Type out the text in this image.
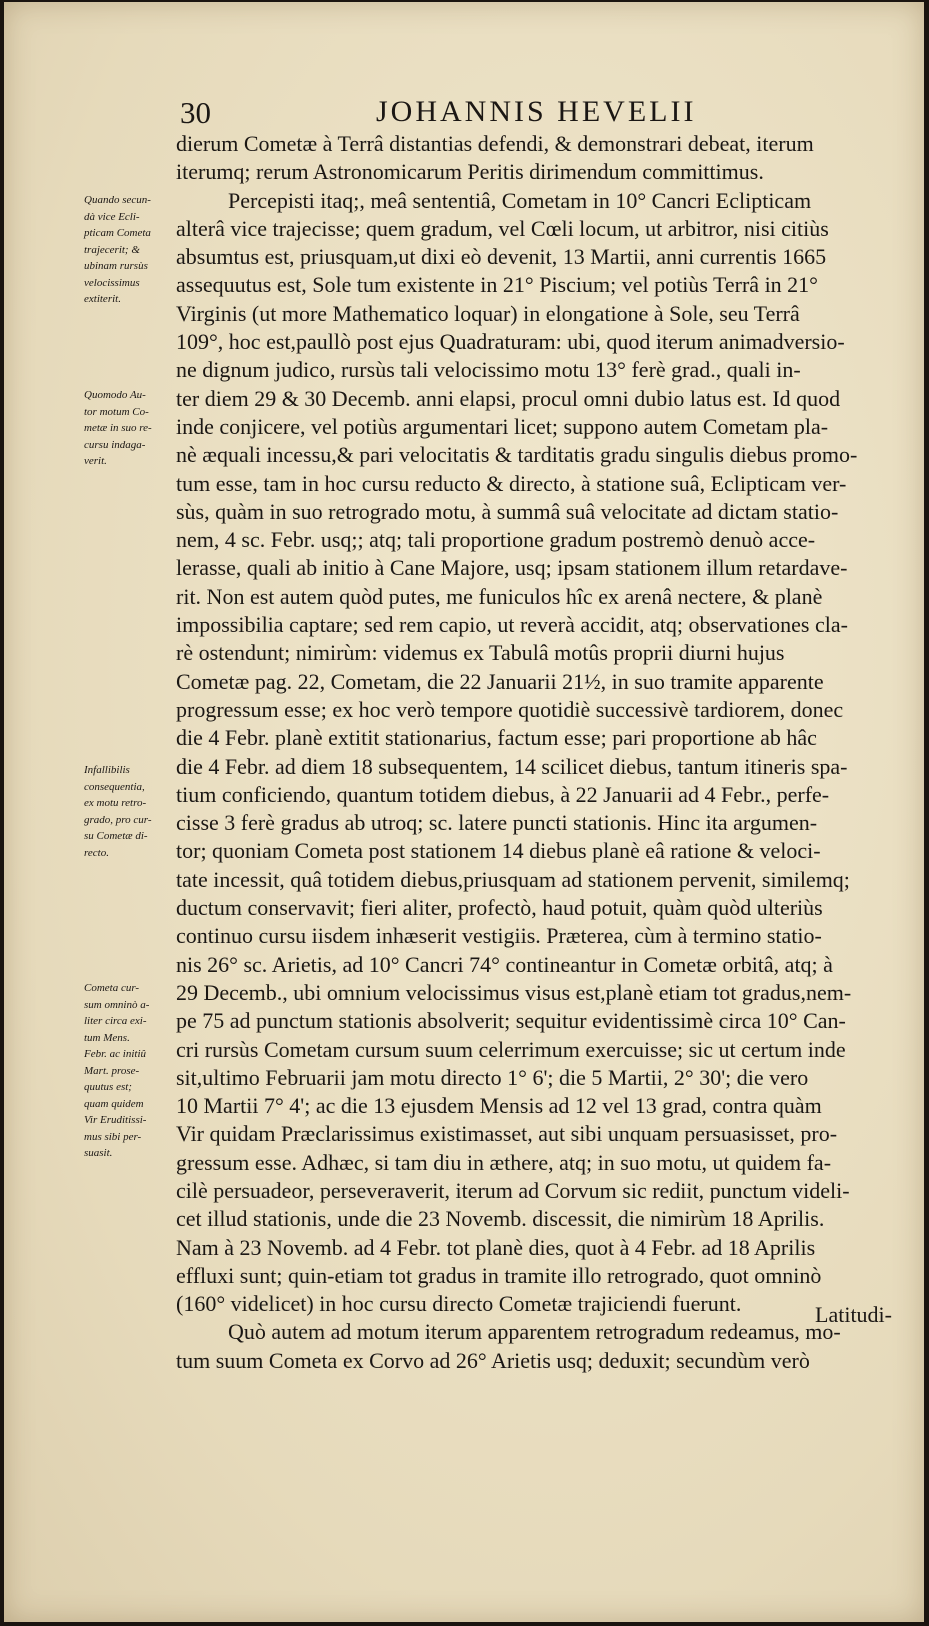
30	JOHANNIS HEVELII
Quando secun-
dà vice Ecli-
pticam Cometa
trajecerit; &
ubinam rursùs
velocissimus
extiterit.
Quomodo Au-
tor motum Co-
metæ in suo re-
cursu indaga-
verit.
Infallibilis
consequentia,
ex motu retro-
grado, pro cur-
su Cometæ di-
recto.
Cometa cur-
sum omninò a-
liter circa exi-
tum Mens.
Febr. ac initiû
Mart. prose-
quutus est;
quam quidem
Vir Eruditissi-
mus sibi per-
suasit.
dierum Cometæ à Terrâ distantias defendi, & demonstrari debeat, iterum
iterumq; rerum Astronomicarum Peritis dirimendum committimus.
Percepisti itaq;, meâ sententiâ, Cometam in 10° Cancri Eclipticam
alterâ vice trajecisse; quem gradum, vel Cœli locum, ut arbitror, nisi citiùs
absumtus est, priusquam,ut dixi eò devenit, 13 Martii, anni currentis 1665
assequutus est, Sole tum existente in 21° Piscium; vel potiùs Terrâ in 21°
Virginis (ut more Mathematico loquar) in elongatione à Sole, seu Terrâ
109°, hoc est,paullò post ejus Quadraturam: ubi, quod iterum animadversio-
ne dignum judico, rursùs tali velocissimo motu 13° ferè grad., quali in-
ter diem 29 & 30 Decemb. anni elapsi, procul omni dubio latus est. Id quod
inde conjicere, vel potiùs argumentari licet; suppono autem Cometam pla-
nè æquali incessu,& pari velocitatis & tarditatis gradu singulis diebus promo-
tum esse, tam in hoc cursu reducto & directo, à statione suâ, Eclipticam ver-
sùs, quàm in suo retrogrado motu, à summâ suâ velocitate ad dictam statio-
nem, 4 sc. Febr. usq;; atq; tali proportione gradum postremò denuò acce-
lerasse, quali ab initio à Cane Majore, usq; ipsam stationem illum retardave-
rit. Non est autem quòd putes, me funiculos hîc ex arenâ nectere, & planè
impossibilia captare; sed rem capio, ut reverà accidit, atq; observationes cla-
rè ostendunt; nimirùm: videmus ex Tabulâ motûs proprii diurni hujus
Cometæ pag. 22, Cometam, die 22 Januarii 21½, in suo tramite apparente
progressum esse; ex hoc verò tempore quotidiè successivè tardiorem, donec
die 4 Febr. planè extitit stationarius, factum esse; pari proportione ab hâc
die 4 Febr. ad diem 18 subsequentem, 14 scilicet diebus, tantum itineris spa-
tium conficiendo, quantum totidem diebus, à 22 Januarii ad 4 Febr., perfe-
cisse 3 ferè gradus ab utroq; sc. latere puncti stationis. Hinc ita argumen-
tor; quoniam Cometa post stationem 14 diebus planè eâ ratione & veloci-
tate incessit, quâ totidem diebus,priusquam ad stationem pervenit, similemq;
ductum conservavit; fieri aliter, profectò, haud potuit, quàm quòd ulteriùs
continuo cursu iisdem inhæserit vestigiis. Præterea, cùm à termino statio-
nis 26° sc. Arietis, ad 10° Cancri 74° contineantur in Cometæ orbitâ, atq; à
29 Decemb., ubi omnium velocissimus visus est,planè etiam tot gradus,nem-
pe 75 ad punctum stationis absolverit; sequitur evidentissimè circa 10° Can-
cri rursùs Cometam cursum suum celerrimum exercuisse; sic ut certum inde
sit,ultimo Februarii jam motu directo 1° 6'; die 5 Martii, 2° 30'; die vero
10 Martii 7° 4'; ac die 13 ejusdem Mensis ad 12 vel 13 grad, contra quàm
Vir quidam Præclarissimus existimasset, aut sibi unquam persuasisset, pro-
gressum esse. Adhæc, si tam diu in æthere, atq; in suo motu, ut quidem fa-
cilè persuadeor, perseveraverit, iterum ad Corvum sic rediit, punctum videli-
cet illud stationis, unde die 23 Novemb. discessit, die nimirùm 18 Aprilis.
Nam à 23 Novemb. ad 4 Febr. tot planè dies, quot à 4 Febr. ad 18 Aprilis
effluxi sunt; quin-etiam tot gradus in tramite illo retrogrado, quot omninò
(160° videlicet) in hoc cursu directo Cometæ trajiciendi fuerunt.
Quò autem ad motum iterum apparentem retrogradum redeamus, mo-
tum suum Cometa ex Corvo ad 26° Arietis usq; deduxit; secundùm verò
Latitudi-
